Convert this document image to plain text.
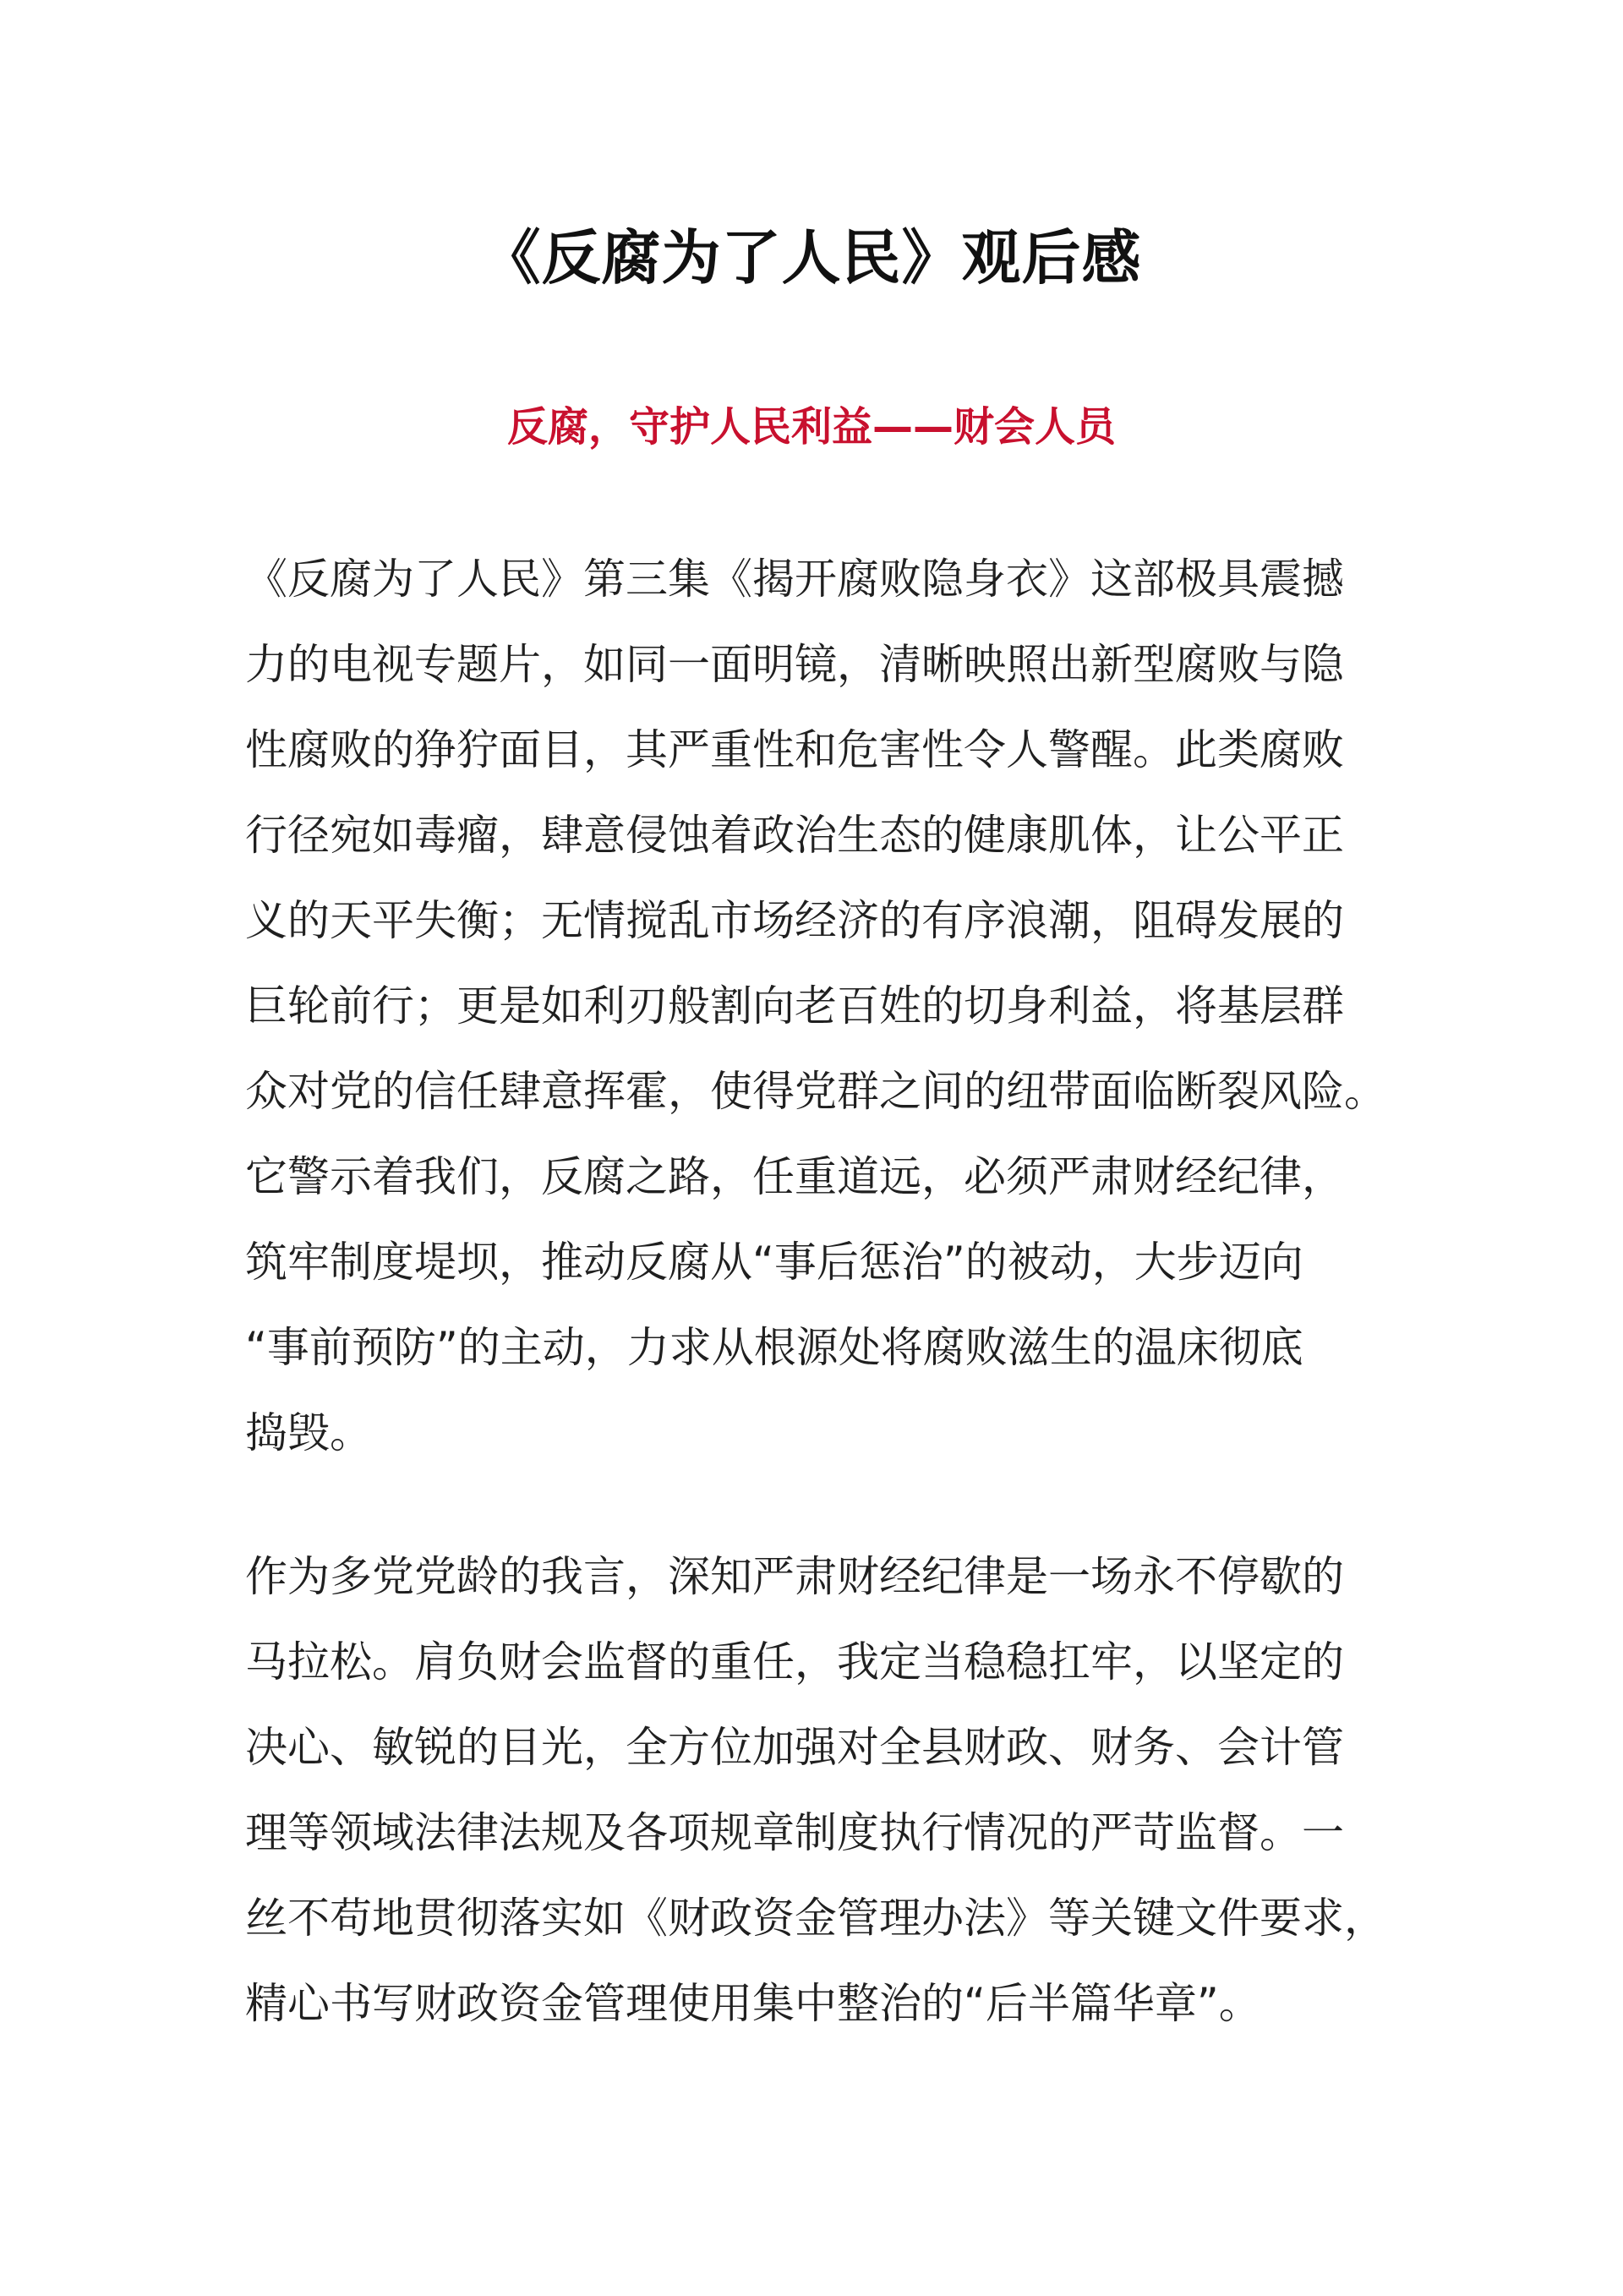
《反腐为了人民》观后感
反腐，守护人民利益——财会人员

《反腐为了人民》第三集《揭开腐败隐身衣》这部极具震撼
力的电视专题片，如同一面明镜，清晰映照出新型腐败与隐
性腐败的狰狞面目，其严重性和危害性令人警醒。此类腐败
行径宛如毒瘤，肆意侵蚀着政治生态的健康肌体，让公平正
义的天平失衡；无情搅乱市场经济的有序浪潮，阻碍发展的
巨轮前行；更是如利刃般割向老百姓的切身利益，将基层群
众对党的信任肆意挥霍，使得党群之间的纽带面临断裂风险。
它警示着我们，反腐之路，任重道远，必须严肃财经纪律，
筑牢制度堤坝，推动反腐从“事后惩治”的被动，大步迈向
“事前预防”的主动，力求从根源处将腐败滋生的温床彻底
捣毁。

作为多党党龄的我言，深知严肃财经纪律是一场永不停歇的
马拉松。肩负财会监督的重任，我定当稳稳扛牢，以坚定的
决心、敏锐的目光，全方位加强对全县财政、财务、会计管
理等领域法律法规及各项规章制度执行情况的严苛监督。一
丝不苟地贯彻落实如《财政资金管理办法》等关键文件要求，
精心书写财政资金管理使用集中整治的“后半篇华章”。
